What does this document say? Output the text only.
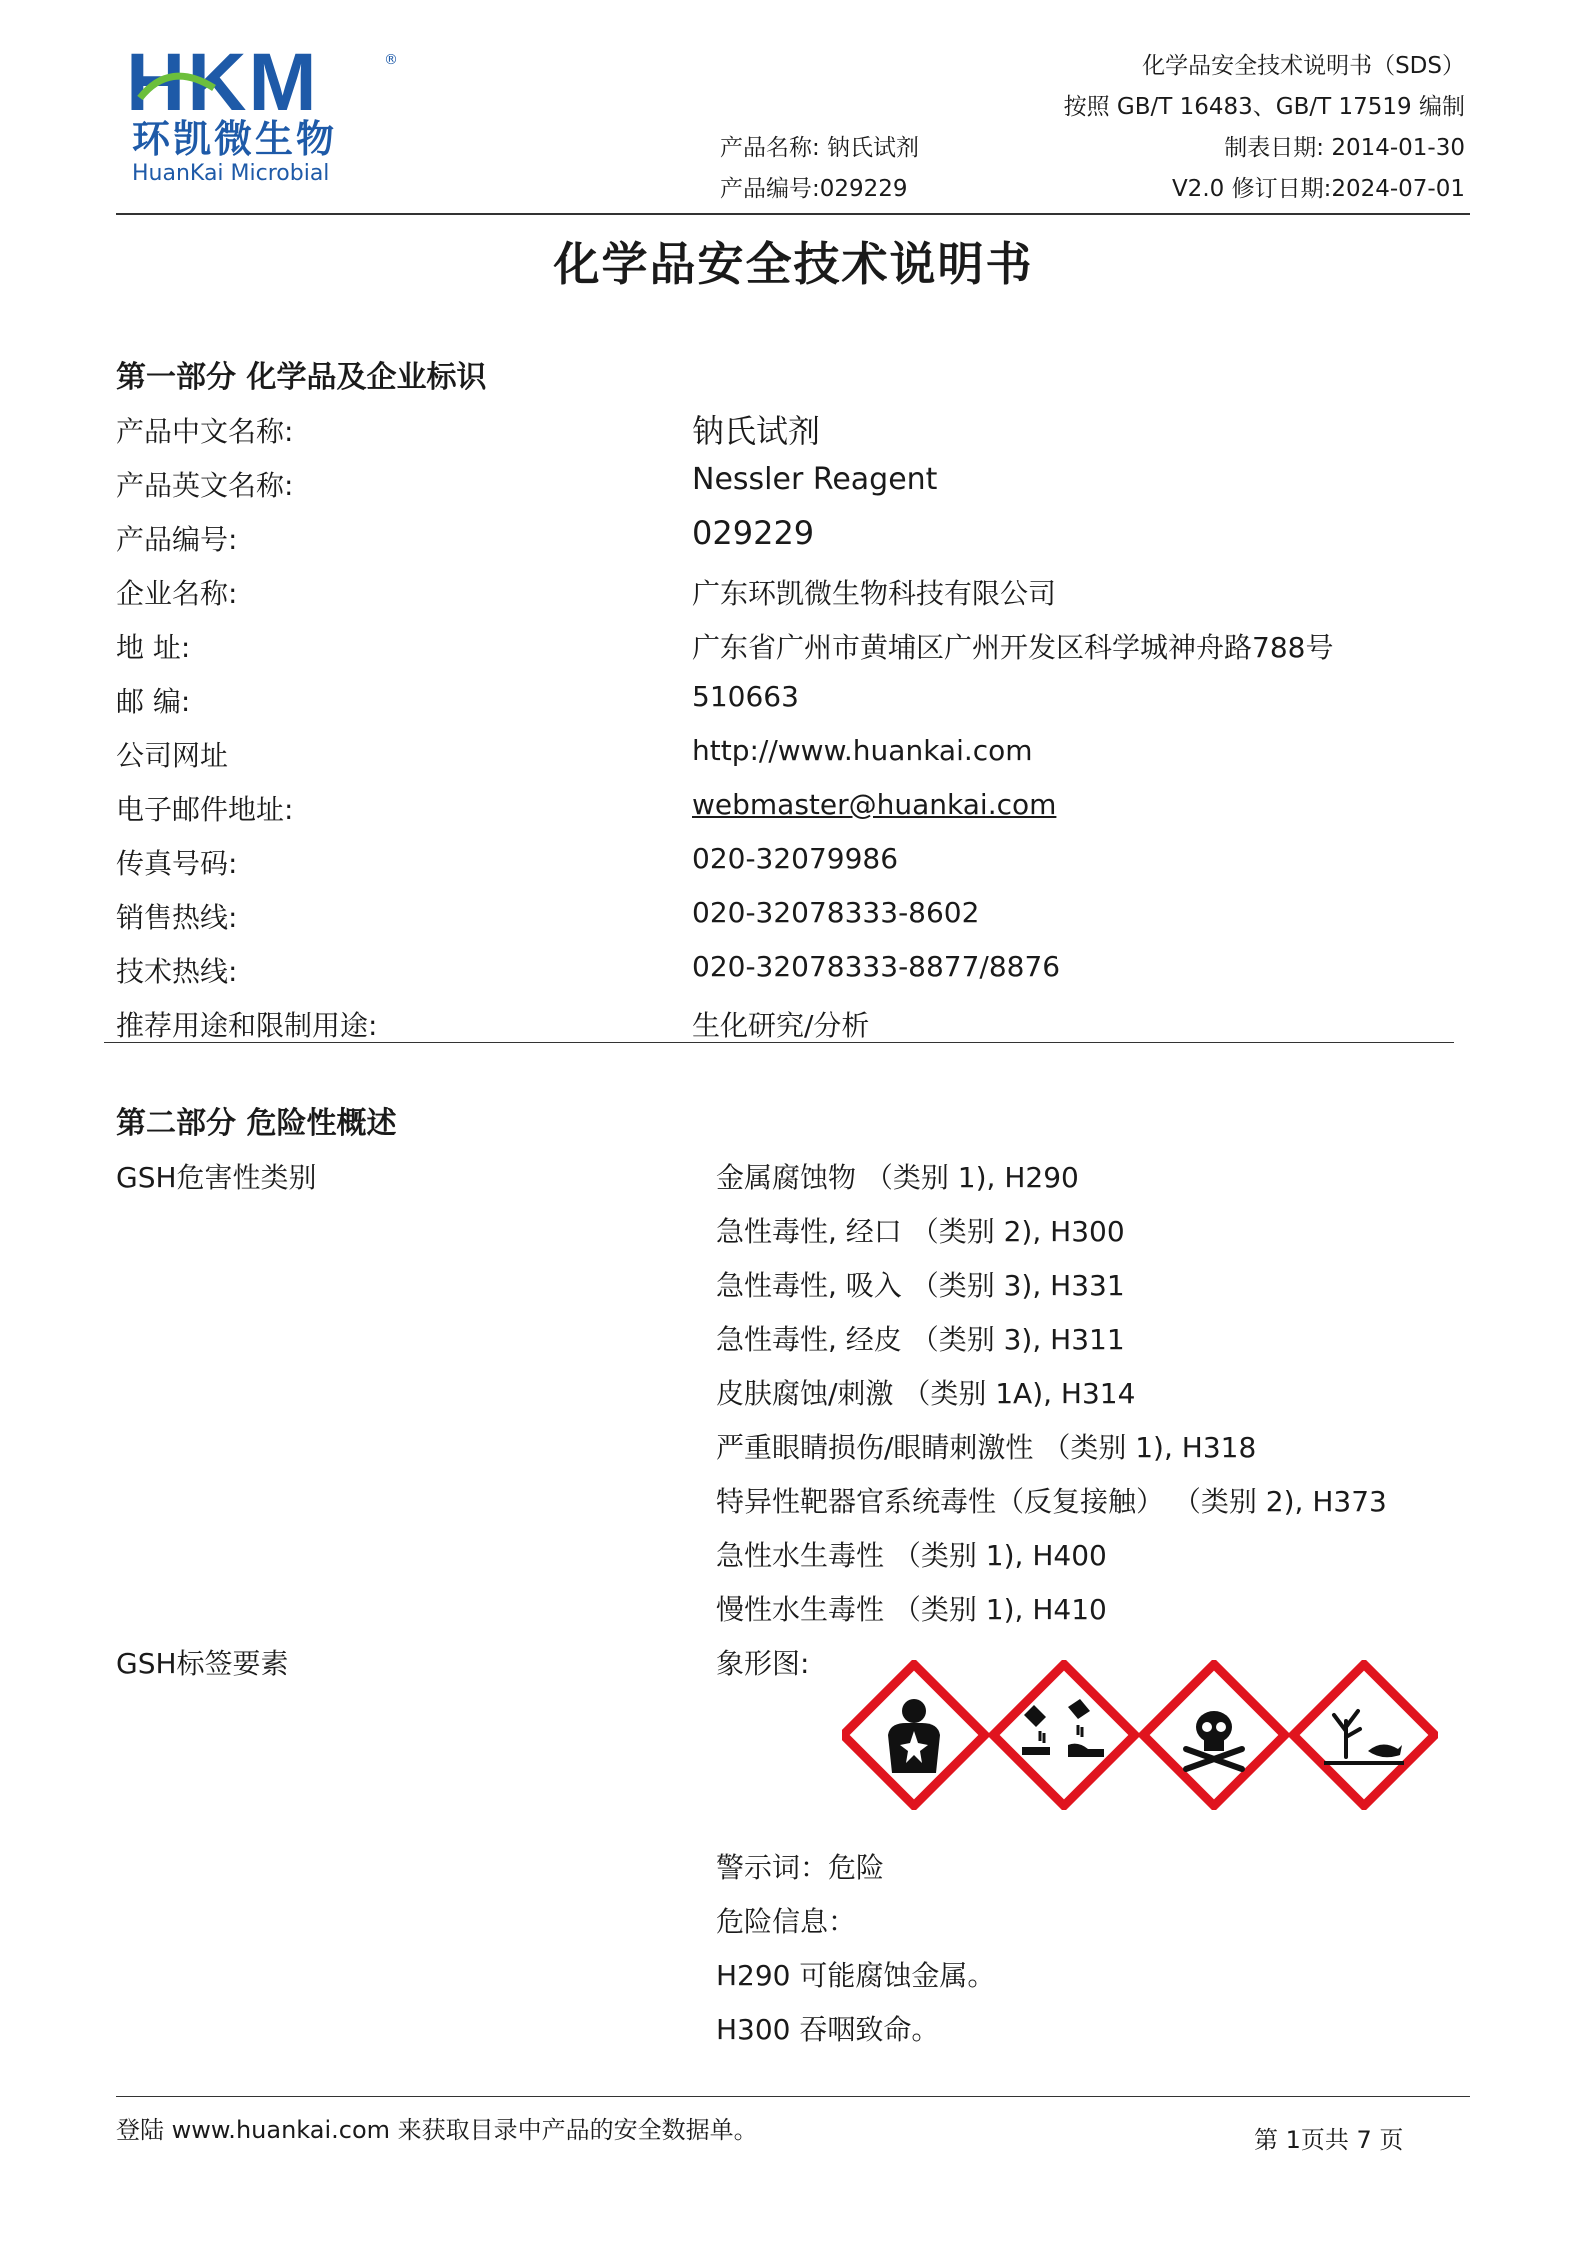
HKM	®
环凯微生物
HuanKai Microbial
产品名称: 钠氏试剂
产品编号:029229
化学品安全技术说明书（SDS）
按照 GB/T 16483、GB/T 17519 编制
制表日期: 2014-01-30
V2.0 修订日期:2024-07-01
化学品安全技术说明书
第一部分 化学品及企业标识
产品中文名称:	钠氏试剂
产品英文名称:	Nessler Reagent
产品编号:	029229
企业名称:	广东环凯微生物科技有限公司
地 址:	广东省广州市黄埔区广州开发区科学城神舟路788号
邮 编:	510663
公司网址	http://www.huankai.com
电子邮件地址:	webmaster@huankai.com
传真号码:	020-32079986
销售热线:	020-32078333-8602
技术热线:	020-32078333-8877/8876
推荐用途和限制用途:	生化研究/分析
第二部分 危险性概述
GSH危害性类别	金属腐蚀物 （类别 1), H290
急性毒性, 经口 （类别 2), H300
急性毒性, 吸入 （类别 3), H331
急性毒性, 经皮 （类别 3), H311
皮肤腐蚀/刺激 （类别 1A), H314
严重眼睛损伤/眼睛刺激性 （类别 1), H318
特异性靶器官系统毒性（反复接触） （类别 2), H373
急性水生毒性 （类别 1), H400
慢性水生毒性 （类别 1), H410
GSH标签要素	象形图:
警示词：危险
危险信息：
H290 可能腐蚀金属。
H300 吞咽致命。
登陆 www.huankai.com 来获取目录中产品的安全数据单。	第 1页共 7 页
